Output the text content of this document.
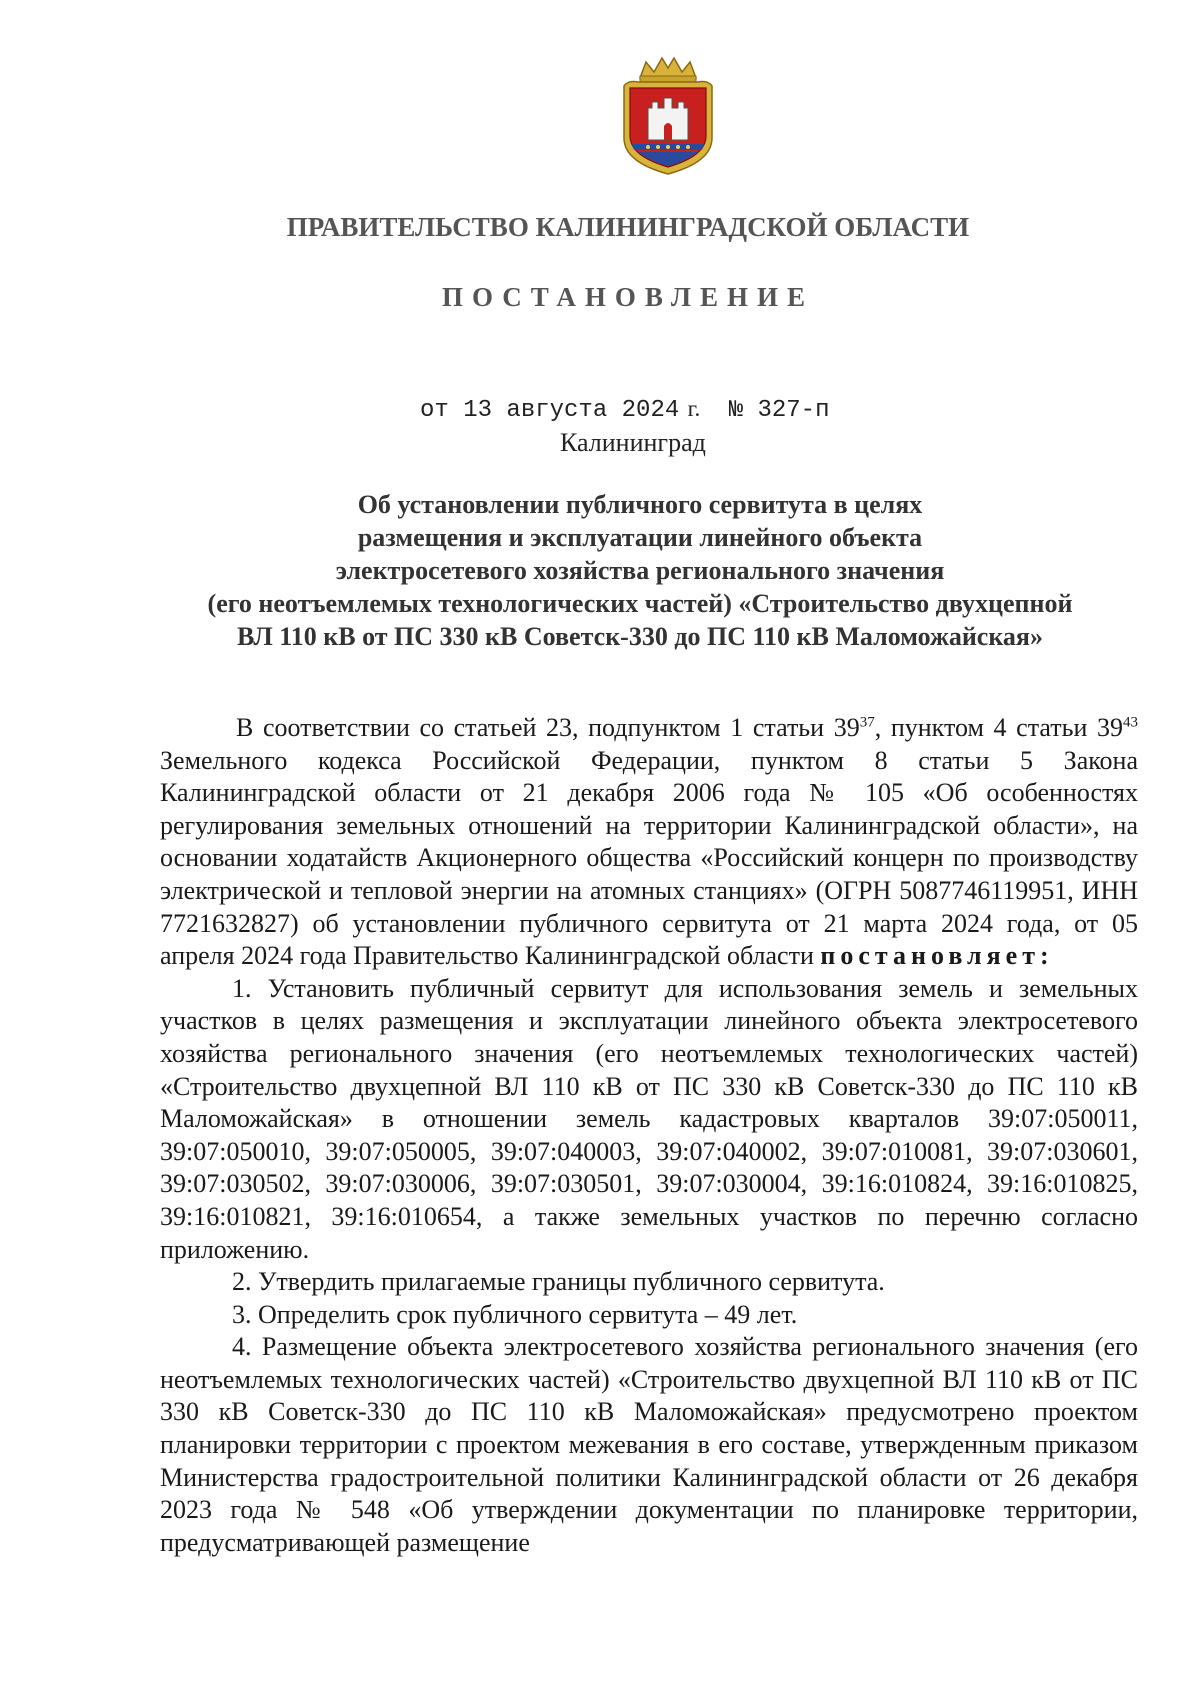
ПРАВИТЕЛЬСТВО КАЛИНИНГРАДСКОЙ ОБЛАСТИ
ПОСТАНОВЛЕНИЕ
от 13 августа 2024 г. № 327-п
Калининград
Об установлении публичного сервитута в целях
размещения и эксплуатации линейного объекта
электросетевого хозяйства регионального значения
(его неотъемлемых технологических частей) «Строительство двухцепной
ВЛ 110 кВ от ПС 330 кВ Советск-330 до ПС 110 кВ Маломожайская»

В соответствии со статьей 23, подпунктом 1 статьи $39^{37}$, пунктом 4 статьи $39^{43}$ Земельного кодекса Российской Федерации, пунктом 8 статьи 5 Закона Калининградской области от 21 декабря 2006 года № 105 «Об особенностях регулирования земельных отношений на территории Калининградской области», на основании ходатайств Акционерного общества «Российский концерн по производству электрической и тепловой энергии на атомных станциях» (ОГРН 5087746119951, ИНН 7721632827) об установлении публичного сервитута от 21 марта 2024 года, от 05 апреля 2024 года Правительство Калининградской области постановляет:

1. Установить публичный сервитут для использования земель и земельных участков в целях размещения и эксплуатации линейного объекта электросетевого хозяйства регионального значения (его неотъемлемых технологических частей) «Строительство двухцепной ВЛ 110 кВ от ПС 330 кВ Советск-330 до ПС 110 кВ Маломожайская» в отношении земель кадастровых кварталов 39:07:050011, 39:07:050010, 39:07:050005, 39:07:040003, 39:07:040002, 39:07:010081, 39:07:030601, 39:07:030502, 39:07:030006, 39:07:030501, 39:07:030004, 39:16:010824, 39:16:010825, 39:16:010821, 39:16:010654, а также земельных участков по перечню согласно приложению.

2. Утвердить прилагаемые границы публичного сервитута.

3. Определить срок публичного сервитута – 49 лет.

4. Размещение объекта электросетевого хозяйства регионального значения (его неотъемлемых технологических частей) «Строительство двухцепной ВЛ 110 кВ от ПС 330 кВ Советск-330 до ПС 110 кВ Маломожайская» предусмотрено проектом планировки территории с проектом межевания в его составе, утвержденным приказом Министерства градостроительной политики Калининградской области от 26 декабря 2023 года № 548 «Об утверждении документации по планировке территории, предусматривающей размещение
